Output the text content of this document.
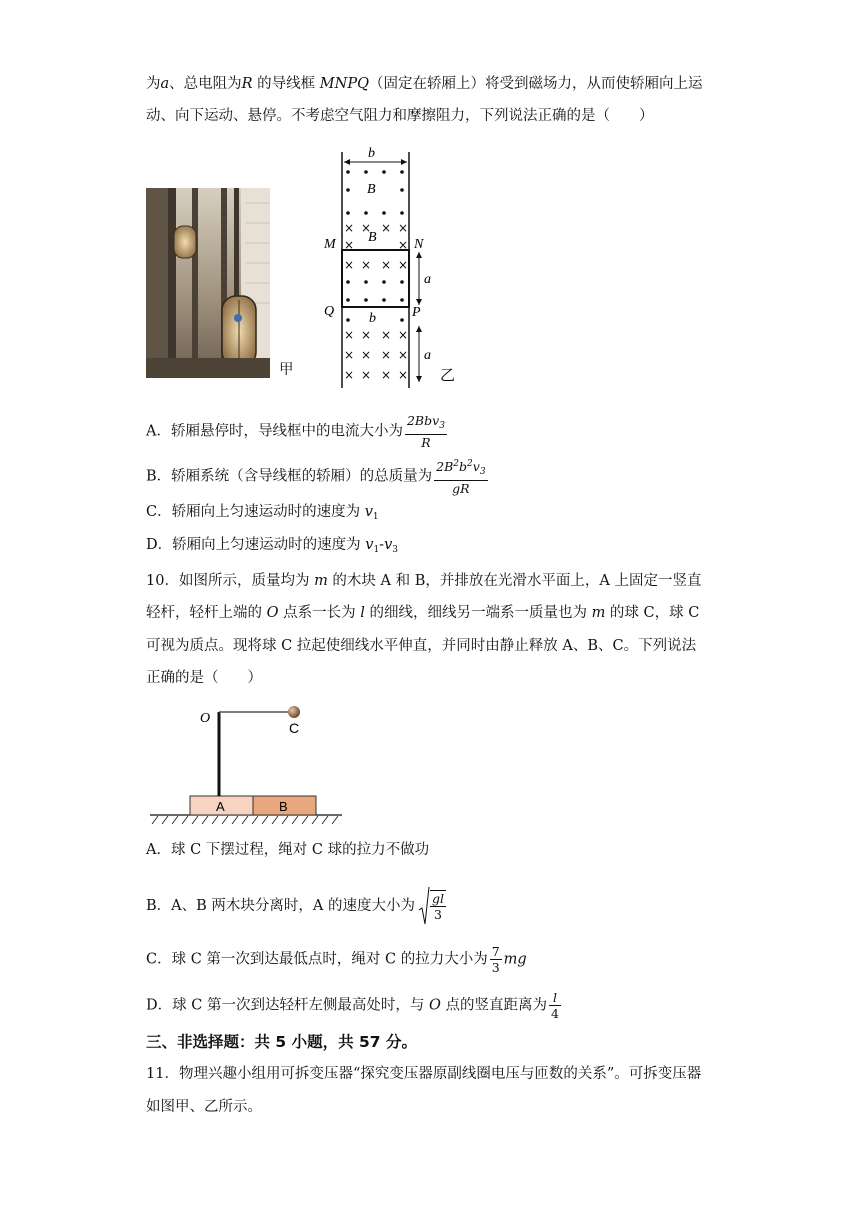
为a、总电阻为R 的导线框 MNPQ（固定在轿厢上）将受到磁场力，从而使轿厢向上运
动、向下运动、悬停。不考虑空气阻力和摩擦阻力，下列说法正确的是（　　）
甲
b
B
× × × ×
×	×
B
M	N
Q	P
× × × ×
a
b
× × × ×
× × × ×
× × × ×
a
乙
A．轿厢悬停时，导线框中的电流大小为 $\frac{2Bbv_3}{R}$
B．轿厢系统（含导线框的轿厢）的总质量为 $\frac{2B^2b^2v_3}{gR}$
C．轿厢向上匀速运动时的速度为 $v_1$
D．轿厢向上匀速运动时的速度为 $v_1-v_3$
10．如图所示，质量均为 m 的木块 A 和 B，并排放在光滑水平面上，A 上固定一竖直
轻杆，轻杆上端的 O 点系一长为 l 的细线，细线另一端系一质量也为 m 的球 C，球 C
可视为质点。现将球 C 拉起使细线水平伸直，并同时由静止释放 A、B、C。下列说法
正确的是（　　）
A	B
O
C
A．球 C 下摆过程，绳对 C 球的拉力不做功
B．A、B 两木块分离时，A 的速度大小为 $\frac{gl}{3}$
C．球 C 第一次到达最低点时，绳对 C 的拉力大小为 $\frac{7}{3}$ mg
D．球 C 第一次到达轻杆左侧最高处时，与 O 点的竖直距离为 $\frac{l}{4}$
三、非选择题：共 5 小题，共 57 分。
11．物理兴趣小组用可拆变压器“探究变压器原副线圈电压与匝数的关系”。可拆变压器
如图甲、乙所示。
